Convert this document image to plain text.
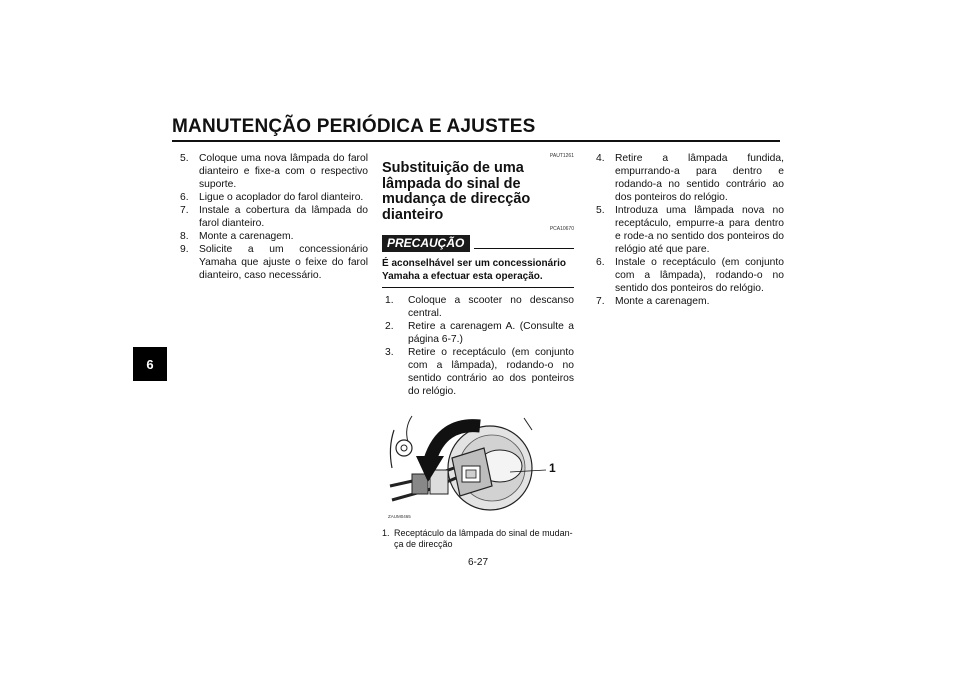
MANUTENÇÃO PERIÓDICA E AJUSTES
6
5. Coloque uma nova lâmpada do farol dianteiro e fixe-a com o respectivo suporte.
6. Ligue o acoplador do farol dianteiro.
7. Instale a cobertura da lâmpada do farol dianteiro.
8. Monte a carenagem.
9. Solicite a um concessionário Yamaha que ajuste o feixe do farol dianteiro, caso necessário.
PAUT1261
Substituição de uma lâmpada do sinal de mudança de direcção dianteiro
PCA10670
PRECAUÇÃO
É aconselhável ser um concessionário Yamaha a efectuar esta operação.
1. Coloque a scooter no descanso central.
2. Retire a carenagem A. (Consulte a página 6-7.)
3. Retire o receptáculo (em conjunto com a lâmpada), rodando-o no sentido contrário ao dos ponteiros do relógio.
ZAUM0465
1
1. Receptáculo da lâmpada do sinal de mudan-
ça de direcção
4. Retire a lâmpada fundida, empurrando-a para dentro e rodando-a no sentido contrário ao dos ponteiros do relógio.
5. Introduza uma lâmpada nova no receptáculo, empurre-a para dentro e rode-a no sentido dos ponteiros do relógio até que pare.
6. Instale o receptáculo (em conjunto com a lâmpada), rodando-o no sentido dos ponteiros do relógio.
7. Monte a carenagem.
6-27
